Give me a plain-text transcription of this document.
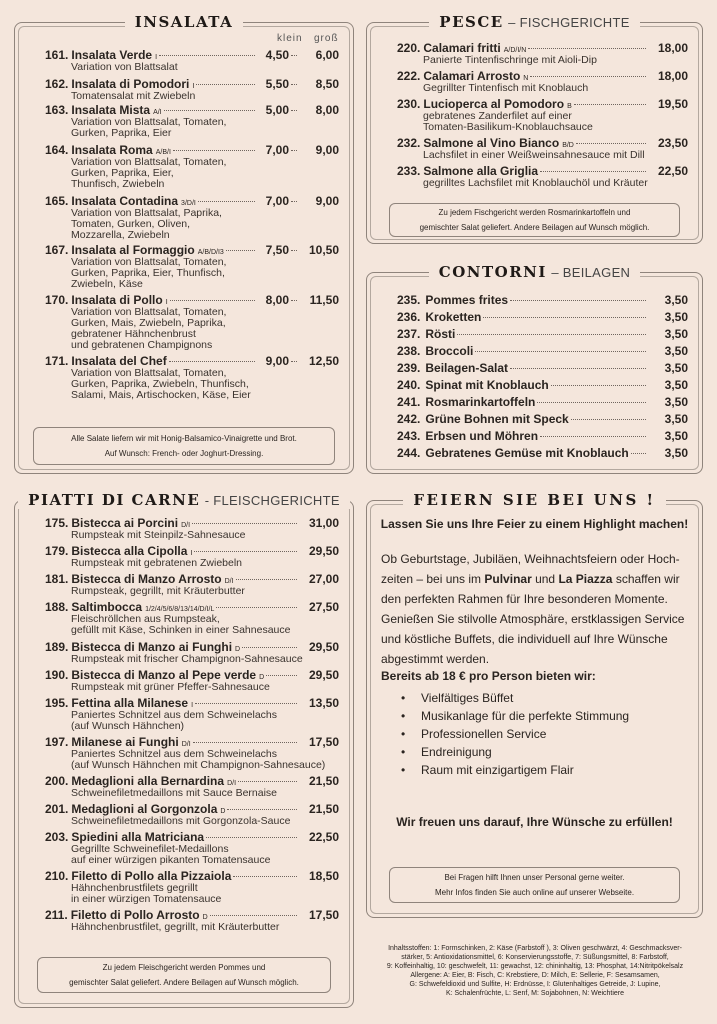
INSALATA
klein groß
161. Insalata Verde I	4,50	6,00
Variation von Blattsalat
162. Insalata di Pomodori I	5,50	8,50
Tomatensalat mit Zwiebeln
163. Insalata Mista A/I	5,00	8,00
Variation von Blattsalat, Tomaten,
Gurken, Paprika, Eier
164. Insalata Roma A/B/I	7,00	9,00
Variation von Blattsalat, Tomaten,
Gurken, Paprika, Eier,
Thunfisch, Zwiebeln
165. Insalata Contadina 3/D/I	7,00	9,00
Variation von Blattsalat, Paprika,
Tomaten, Gurken, Oliven,
Mozzarella, Zwiebeln
167. Insalata al Formaggio A/B/D/I3	7,50	10,50
Variation von Blattsalat, Tomaten,
Gurken, Paprika, Eier, Thunfisch,
Zwiebeln, Käse
170. Insalata di Pollo I	8,00	11,50
Variation von Blattsalat, Tomaten,
Gurken, Mais, Zwiebeln, Paprika,
gebratener Hähnchenbrust
und gebratenen Champignons
171. Insalata del Chef	9,00	12,50
Variation von Blattsalat, Tomaten,
Gurken, Paprika, Zwiebeln, Thunfisch,
Salami, Mais, Artischocken, Käse, Eier
Alle Salate liefern wir mit Honig-Balsamico-Vinaigrette und Brot.
Auf Wunsch: French- oder Joghurt-Dressing.
PESCE – FISCHGERICHTE
220. Calamari fritti A/D/I/N	18,00
Panierte Tintenfischringe mit Aioli-Dip
222. Calamari Arrosto N	18,00
Gegrillter Tintenfisch mit Knoblauch
230. Lucioperca al Pomodoro B	19,50
gebratenes Zanderfilet auf einer
Tomaten-Basilikum-Knoblauchsauce
232. Salmone al Vino Bianco B/D	23,50
Lachsfilet in einer Weißweinsahnesauce mit Dill
233. Salmone alla Griglia	22,50
gegrilltes Lachsfilet mit Knoblauchöl und Kräuter
Zu jedem Fischgericht werden Rosmarinkartoffeln und
gemischter Salat geliefert. Andere Beilagen auf Wunsch möglich.
CONTORNI – BEILAGEN
235. Pommes frites	3,50
236. Kroketten	3,50
237. Rösti	3,50
238. Broccoli	3,50
239. Beilagen-Salat	3,50
240. Spinat mit Knoblauch	3,50
241. Rosmarinkartoffeln	3,50
242. Grüne Bohnen mit Speck	3,50
243. Erbsen und Möhren	3,50
244. Gebratenes Gemüse mit Knoblauch	3,50
PIATTI DI CARNE - FLEISCHGERICHTE
175. Bistecca ai Porcini D/I	31,00
Rumpsteak mit Steinpilz-Sahnesauce
179. Bistecca alla Cipolla I	29,50
Rumpsteak mit gebratenen Zwiebeln
181. Bistecca di Manzo Arrosto D/I	27,00
Rumpsteak, gegrillt, mit Kräuterbutter
188. Saltimbocca 1/2/4/5/6/8/13/14/D/I/L	27,50
Fleischröllchen aus Rumpsteak,
gefüllt mit Käse, Schinken in einer Sahnesauce
189. Bistecca di Manzo ai Funghi D	29,50
Rumpsteak mit frischer Champignon-Sahnesauce
190. Bistecca di Manzo al Pepe verde D	29,50
Rumpsteak mit grüner Pfeffer-Sahnesauce
195. Fettina alla Milanese I	13,50
Paniertes Schnitzel aus dem Schweinelachs
(auf Wunsch Hähnchen)
197. Milanese ai Funghi D/I	17,50
Paniertes Schnitzel aus dem Schweinelachs
(auf Wunsch Hähnchen mit Champignon-Sahnesauce)
200. Medaglioni alla Bernardina D/I	21,50
Schweinefiletmedaillons mit Sauce Bernaise
201. Medaglioni al Gorgonzola D	21,50
Schweinefiletmedaillons mit Gorgonzola-Sauce
203. Spiedini alla Matriciana	22,50
Gegrillte Schweinefilet-Medaillons
auf einer würzigen pikanten Tomatensauce
210. Filetto di Pollo alla Pizzaiola	18,50
Hähnchenbrustfilets gegrillt
in einer würzigen Tomatensauce
211. Filetto di Pollo Arrosto D	17,50
Hähnchenbrustfilet, gegrillt, mit Kräuterbutter
Zu jedem Fleischgericht werden Pommes und
gemischter Salat geliefert. Andere Beilagen auf Wunsch möglich.
FEIERN SIE BEI UNS !
Lassen Sie uns Ihre Feier zu einem Highlight machen!
Ob Geburtstage, Jubiläen, Weihnachtsfeiern oder Hoch-
zeiten – bei uns im Pulvinar und La Piazza schaffen wir
den perfekten Rahmen für Ihre besonderen Momente.
Genießen Sie stilvolle Atmosphäre, erstklassigen Service
und köstliche Buffets, die individuell auf Ihre Wünsche
abgestimmt werden.
Bereits ab 18 € pro Person bieten wir:
• Vielfältiges Büffet
• Musikanlage für die perfekte Stimmung
• Professionellen Service
• Endreinigung
• Raum mit einzigartigem Flair
Wir freuen uns darauf, Ihre Wünsche zu erfüllen!
Bei Fragen hilft Ihnen unser Personal gerne weiter.
Mehr Infos finden Sie auch online auf unserer Webseite.
Inhaltsstoffen: 1: Formschinken, 2: Käse (Farbstoff ), 3: Oliven geschwärzt, 4: Geschmacksver-
stärker, 5: Antioxidationsmittel, 6: Konservierungsstoffe, 7: Süßungsmittel, 8: Farbstoff,
9: Koffeinhaltig, 10: geschwefelt, 11: gewachst, 12: chininhaltig, 13: Phosphat, 14:Nitritpökelsalz
Allergene: A: Eier, B: Fisch, C: Krebstiere, D: Milch, E: Sellerie, F: Sesamsamen,
G: Schwefeldioxid und Sulfite, H: Erdnüsse, I: Glutenhaltiges Getreide, J: Lupine,
K: Schalenfrüchte, L: Senf, M: Sojabohnen, N: Weichtiere
